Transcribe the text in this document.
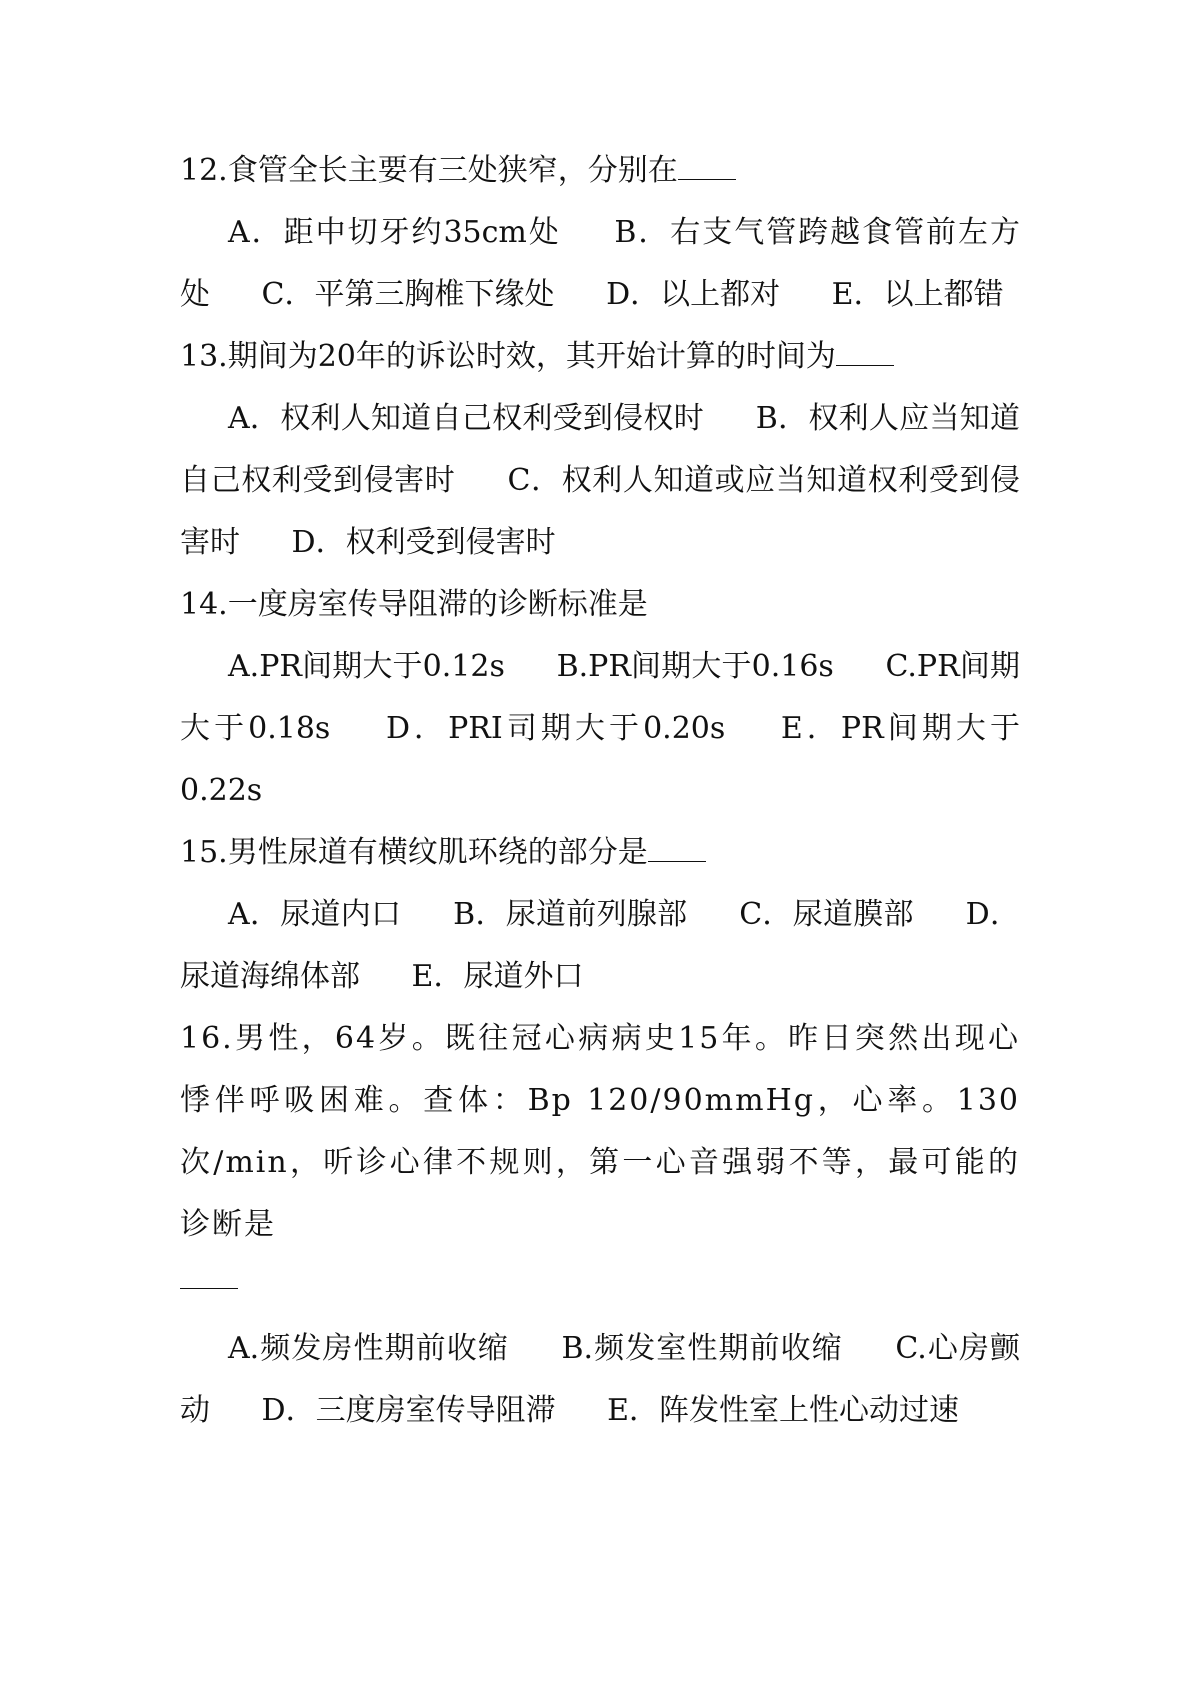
12.食管全长主要有三处狭窄，分别在

A．距中切牙约35cm处 B．右支气管跨越食管前左方处 C．平第三胸椎下缘处 D．以上都对 E．以上都错

13.期间为20年的诉讼时效，其开始计算的时间为

A．权利人知道自己权利受到侵权时 B．权利人应当知道自己权利受到侵害时 C．权利人知道或应当知道权利受到侵害时 D．权利受到侵害时

14.一度房室传导阻滞的诊断标准是

A.PR间期大于0.12s B.PR间期大于0.16s C.PR间期大于0.18s D．PRI司期大于0.20s E．PR间期大于0.22s

15.男性尿道有横纹肌环绕的部分是

A．尿道内口 B．尿道前列腺部 C．尿道膜部 D．尿道海绵体部 E．尿道外口

16.男性，64岁。既往冠心病病史15年。昨日突然出现心悸伴呼吸困难。查体：Bp 120/90mmHg，心率。130次/min，听诊心律不规则，第一心音强弱不等，最可能的诊断是

A.频发房性期前收缩 B.频发室性期前收缩 C.心房颤动 D．三度房室传导阻滞 E．阵发性室上性心动过速
